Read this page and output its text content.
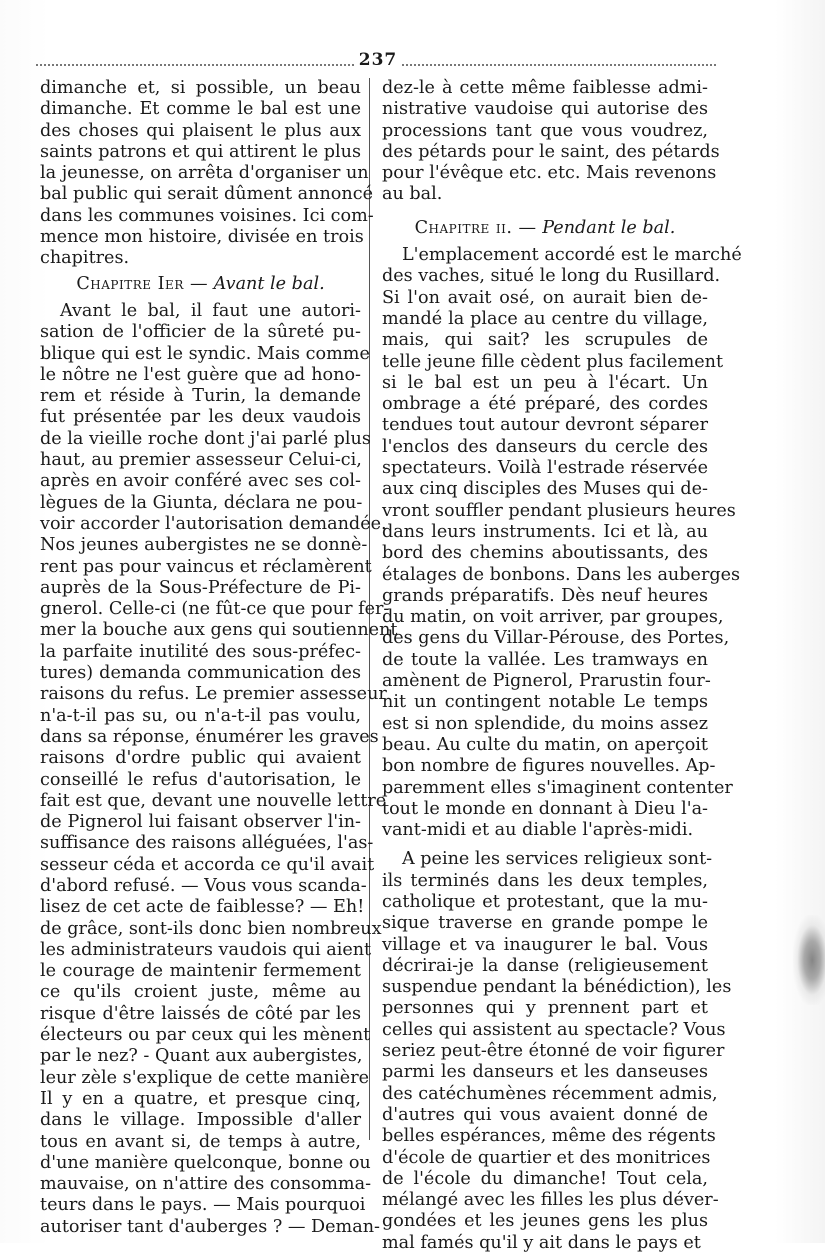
237
dimanche et, si possible, un beau
dimanche. Et comme le bal est une
des choses qui plaisent le plus aux
saints patrons et qui attirent le plus
la jeunesse, on arrêta d'organiser un
bal public qui serait dûment annoncé
dans les communes voisines. Ici com-
mence mon histoire, divisée en trois
chapitres.
Chapitre Ier — Avant le bal.
Avant le bal, il faut une autori-
sation de l'officier de la sûreté pu-
blique qui est le syndic. Mais comme
le nôtre ne l'est guère que ad hono-
rem et réside à Turin, la demande
fut présentée par les deux vaudois
de la vieille roche dont j'ai parlé plus
haut, au premier assesseur Celui-ci,
après en avoir conféré avec ses col-
lègues de la Giunta, déclara ne pou-
voir accorder l'autorisation demandée.
Nos jeunes aubergistes ne se donnè-
rent pas pour vaincus et réclamèrent
auprès de la Sous-Préfecture de Pi-
gnerol. Celle-ci (ne fût-ce que pour fer-
mer la bouche aux gens qui soutiennent
la parfaite inutilité des sous-préfec-
tures) demanda communication des
raisons du refus. Le premier assesseur
n'a-t-il pas su, ou n'a-t-il pas voulu,
dans sa réponse, énumérer les graves
raisons d'ordre public qui avaient
conseillé le refus d'autorisation, le
fait est que, devant une nouvelle lettre
de Pignerol lui faisant observer l'in-
suffisance des raisons alléguées, l'as-
sesseur céda et accorda ce qu'il avait
d'abord refusé. — Vous vous scanda-
lisez de cet acte de faiblesse? — Eh!
de grâce, sont-ils donc bien nombreux
les administrateurs vaudois qui aient
le courage de maintenir fermement
ce qu'ils croient juste, même au
risque d'être laissés de côté par les
électeurs ou par ceux qui les mènent
par le nez? - Quant aux aubergistes,
leur zèle s'explique de cette manière
Il y en a quatre, et presque cinq,
dans le village. Impossible d'aller
tous en avant si, de temps à autre,
d'une manière quelconque, bonne ou
mauvaise, on n'attire des consomma-
teurs dans le pays. — Mais pourquoi
autoriser tant d'auberges ? — Deman-
dez-le à cette même faiblesse admi-
nistrative vaudoise qui autorise des
processions tant que vous voudrez,
des pétards pour le saint, des pétards
pour l'évêque etc. etc. Mais revenons
au bal.
Chapitre ii. — Pendant le bal.
L'emplacement accordé est le marché
des vaches, situé le long du Rusillard.
Si l'on avait osé, on aurait bien de-
mandé la place au centre du village,
mais, qui sait? les scrupules de
telle jeune fille cèdent plus facilement
si le bal est un peu à l'écart. Un
ombrage a été préparé, des cordes
tendues tout autour devront séparer
l'enclos des danseurs du cercle des
spectateurs. Voilà l'estrade réservée
aux cinq disciples des Muses qui de-
vront souffler pendant plusieurs heures
dans leurs instruments. Ici et là, au
bord des chemins aboutissants, des
étalages de bonbons. Dans les auberges
grands préparatifs. Dès neuf heures
du matin, on voit arriver, par groupes,
des gens du Villar-Pérouse, des Portes,
de toute la vallée. Les tramways en
amènent de Pignerol, Prarustin four-
nit un contingent notable Le temps
est si non splendide, du moins assez
beau. Au culte du matin, on aperçoit
bon nombre de figures nouvelles. Ap-
paremment elles s'imaginent contenter
tout le monde en donnant à Dieu l'a-
vant-midi et au diable l'après-midi.
A peine les services religieux sont-
ils terminés dans les deux temples,
catholique et protestant, que la mu-
sique traverse en grande pompe le
village et va inaugurer le bal. Vous
décrirai-je la danse (religieusement
suspendue pendant la bénédiction), les
personnes qui y prennent part et
celles qui assistent au spectacle? Vous
seriez peut-être étonné de voir figurer
parmi les danseurs et les danseuses
des catéchumènes récemment admis,
d'autres qui vous avaient donné de
belles espérances, même des régents
d'école de quartier et des monitrices
de l'école du dimanche! Tout cela,
mélangé avec les filles les plus déver-
gondées et les jeunes gens les plus
mal famés qu'il y ait dans le pays et
